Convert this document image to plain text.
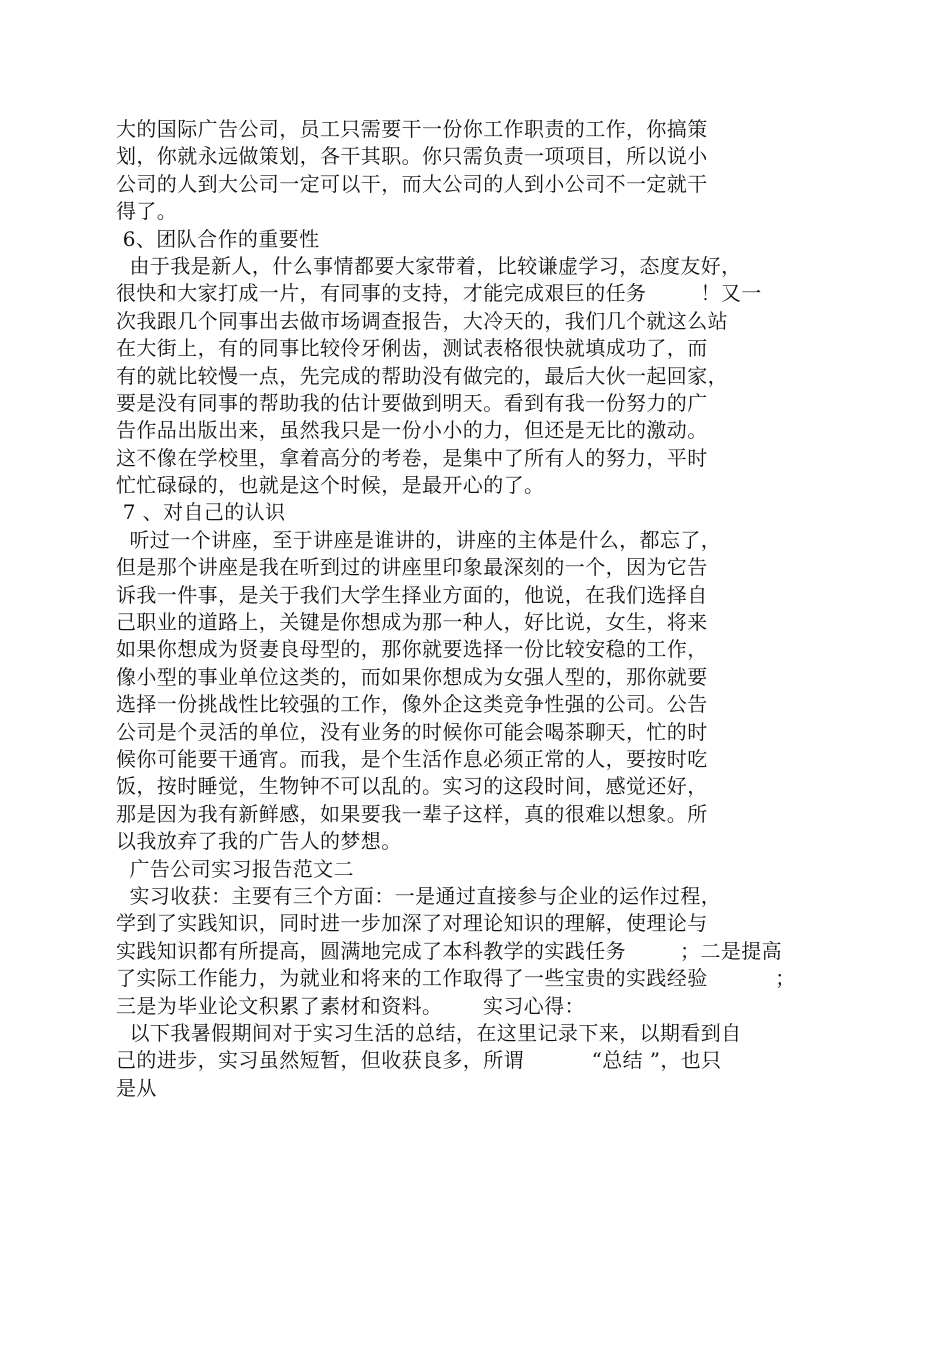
大的国际广告公司，员工只需要干一份你工作职责的工作，你搞策
划，你就永远做策划，各干其职。你只需负责一项项目，所以说小
公司的人到大公司一定可以干，而大公司的人到小公司不一定就干
得了。
6、团队合作的重要性
由于我是新人，什么事情都要大家带着，比较谦虚学习，态度友好，
很快和大家打成一片，有同事的支持，才能完成艰巨的任务        ！又一
次我跟几个同事出去做市场调查报告，大冷天的，我们几个就这么站
在大街上，有的同事比较伶牙俐齿，测试表格很快就填成功了，而
有的就比较慢一点，先完成的帮助没有做完的，最后大伙一起回家，
要是没有同事的帮助我的估计要做到明天。看到有我一份努力的广
告作品出版出来，虽然我只是一份小小的力，但还是无比的激动。
这不像在学校里，拿着高分的考卷，是集中了所有人的努力，平时
忙忙碌碌的，也就是这个时候，是最开心的了。
7 、对自己的认识
听过一个讲座，至于讲座是谁讲的，讲座的主体是什么，都忘了，
但是那个讲座是我在听到过的讲座里印象最深刻的一个，因为它告
诉我一件事，是关于我们大学生择业方面的，他说，在我们选择自
己职业的道路上，关键是你想成为那一种人，好比说，女生，将来
如果你想成为贤妻良母型的，那你就要选择一份比较安稳的工作，
像小型的事业单位这类的，而如果你想成为女强人型的，那你就要
选择一份挑战性比较强的工作，像外企这类竞争性强的公司。公告
公司是个灵活的单位，没有业务的时候你可能会喝茶聊天，忙的时
候你可能要干通宵。而我，是个生活作息必须正常的人，要按时吃
饭，按时睡觉，生物钟不可以乱的。实习的这段时间，感觉还好，
那是因为我有新鲜感，如果要我一辈子这样，真的很难以想象。所
以我放弃了我的广告人的梦想。
广告公司实习报告范文二
实习收获：主要有三个方面：一是通过直接参与企业的运作过程，
学到了实践知识，同时进一步加深了对理论知识的理解，使理论与
实践知识都有所提高，圆满地完成了本科教学的实践任务        ；二是提高
了实际工作能力，为就业和将来的工作取得了一些宝贵的实践经验          ；
三是为毕业论文积累了素材和资料。      实习心得：
以下我暑假期间对于实习生活的总结，在这里记录下来，以期看到自
己的进步，实习虽然短暂，但收获良多，所谓          “总结 ”，也只
是从
